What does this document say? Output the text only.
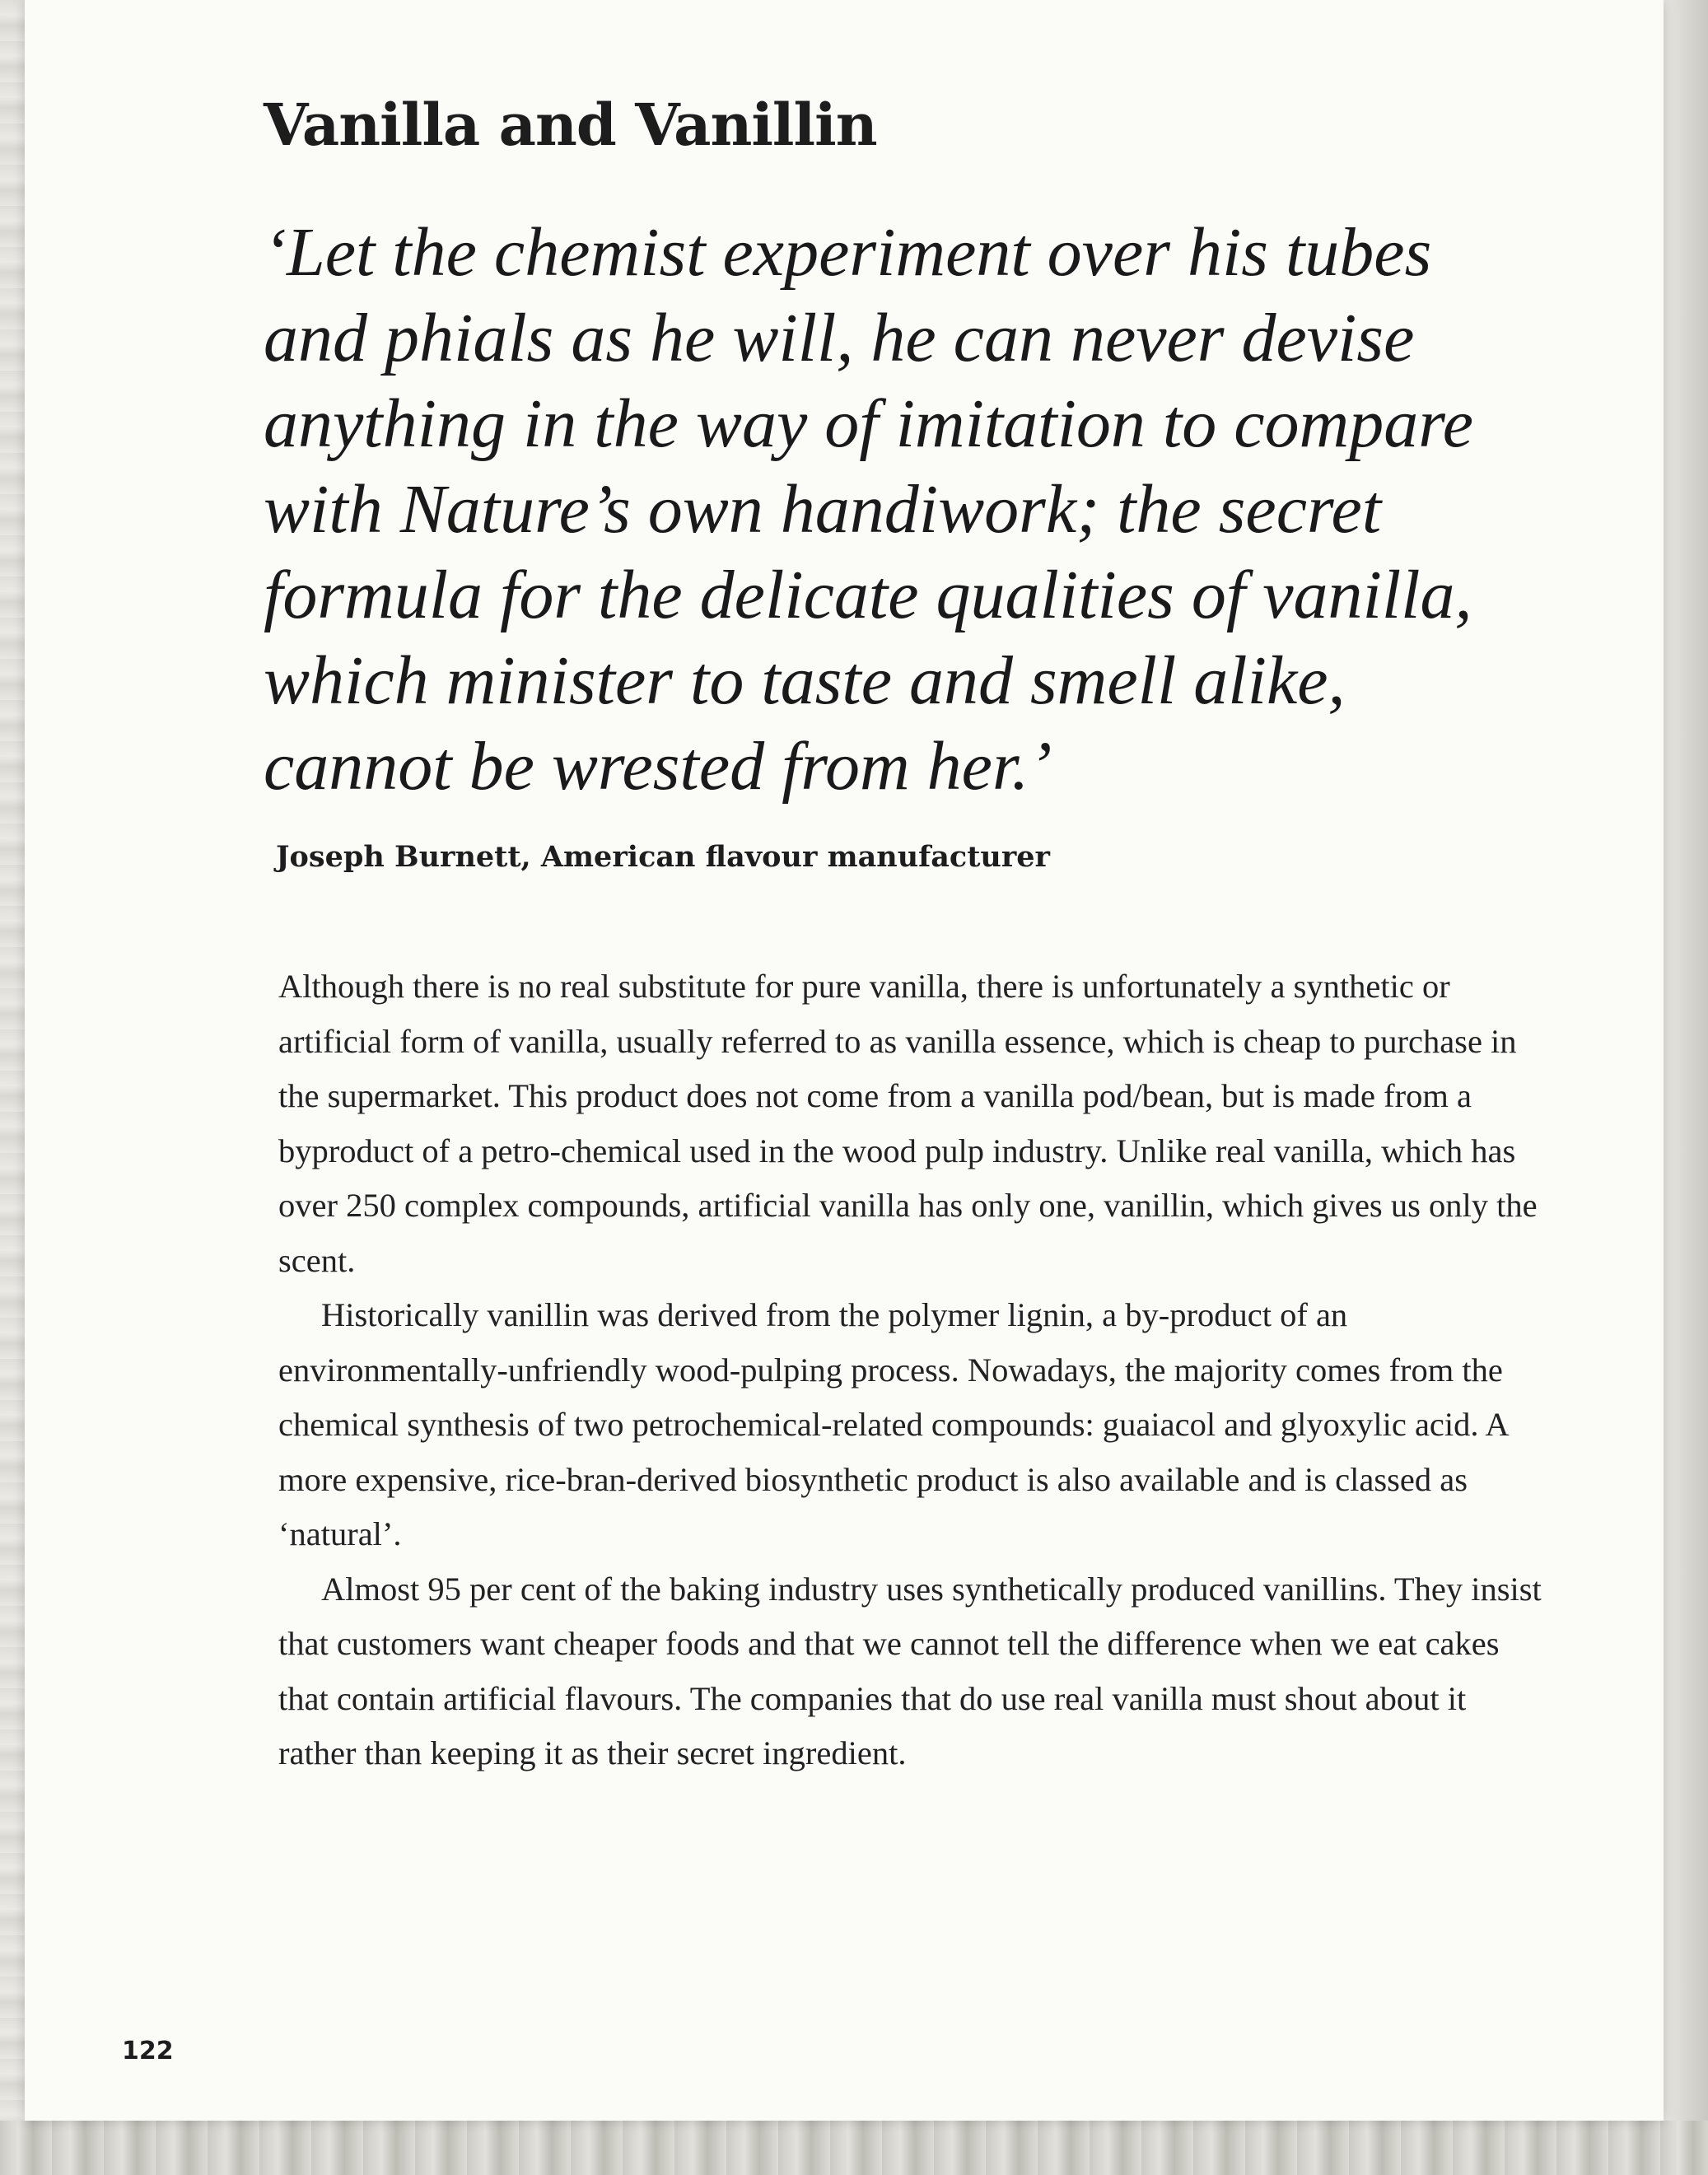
Vanilla and Vanillin

‘Let the chemist experiment over his tubes and phials as he will, he can never devise anything in the way of imitation to compare with Nature’s own handiwork; the secret formula for the delicate qualities of vanilla, which minister to taste and smell alike, cannot be wrested from her.’

Joseph Burnett, American flavour manufacturer

Although there is no real substitute for pure vanilla, there is unfortunately a synthetic or artificial form of vanilla, usually referred to as vanilla essence, which is cheap to purchase in the supermarket. This product does not come from a vanilla pod/bean, but is made from a byproduct of a petro-chemical used in the wood pulp industry. Unlike real vanilla, which has over 250 complex compounds, artificial vanilla has only one, vanillin, which gives us only the scent.

Historically vanillin was derived from the polymer lignin, a by-product of an environmentally-unfriendly wood-pulping process. Nowadays, the majority comes from the chemical synthesis of two petrochemical-related compounds: guaiacol and glyoxylic acid. A more expensive, rice-bran-derived biosynthetic product is also available and is classed as ‘natural’.

Almost 95 per cent of the baking industry uses synthetically produced vanillins. They insist that customers want cheaper foods and that we cannot tell the difference when we eat cakes that contain artificial flavours. The companies that do use real vanilla must shout about it rather than keeping it as their secret ingredient.

122
